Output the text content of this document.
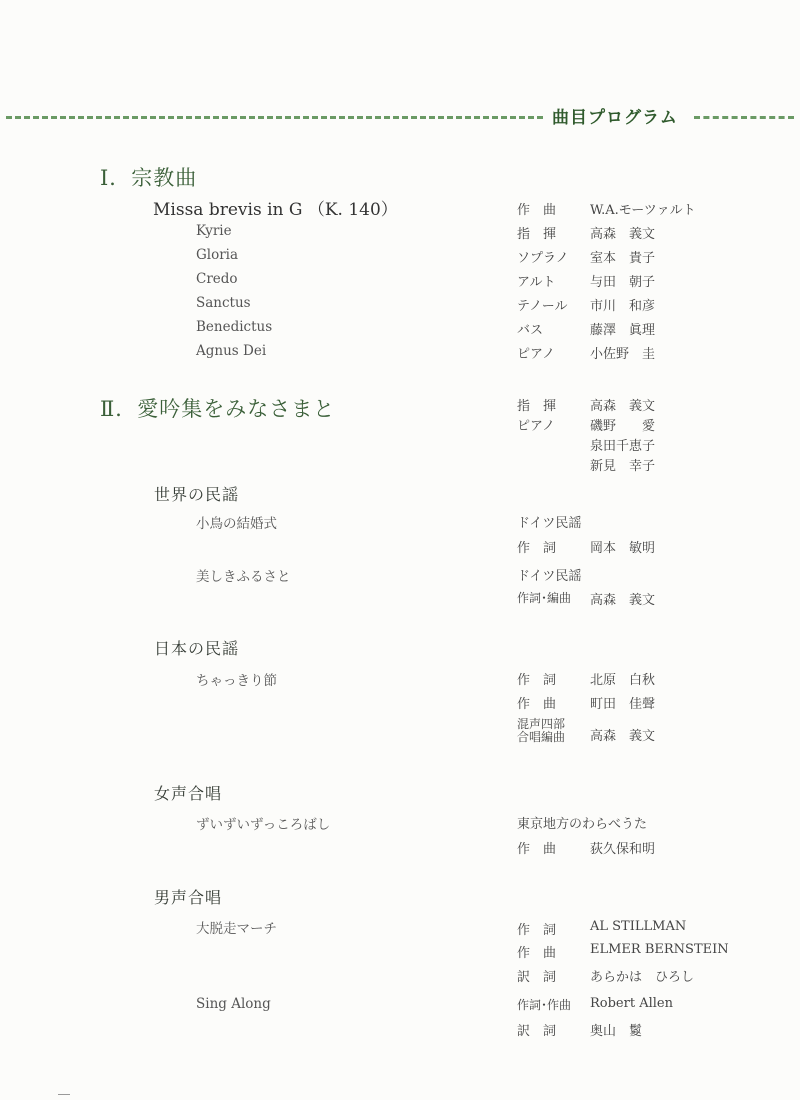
曲目プログラム
Ⅰ．宗教曲
Missa brevis in G （K. 140）
Kyrie
Gloria
Credo
Sanctus
Benedictus
Agnus Dei
作　曲	W.A.モーツァルト
指　揮	高森　義文
ソプラノ 室本　貴子
アルト	与田　朝子
テノール 市川　和彦
バス	藤澤　眞理
ピアノ	小佐野　圭
Ⅱ．愛吟集をみなさまと	指　揮	高森　義文
ピアノ	磯野　　愛
泉田千恵子
新見　幸子
世界の民謡
小鳥の結婚式	ドイツ民謡
作　詞	岡本　敏明
美しきふるさと	ドイツ民謡
作詞･編曲 高森　義文
日本の民謡
ちゃっきり節	作　詞	北原　白秋
作　曲	町田　佳聲
混声四部
合唱編曲 高森　義文
女声合唱
ずいずいずっころばし	東京地方のわらべうた
作　曲	荻久保和明
男声合唱
大脱走マーチ	作　詞	AL STILLMAN
作　曲	ELMER BERNSTEIN
訳　詞	あらかは　ひろし
Sing Along	作詞･作曲 Robert Allen
訳　詞	奥山　鬉
